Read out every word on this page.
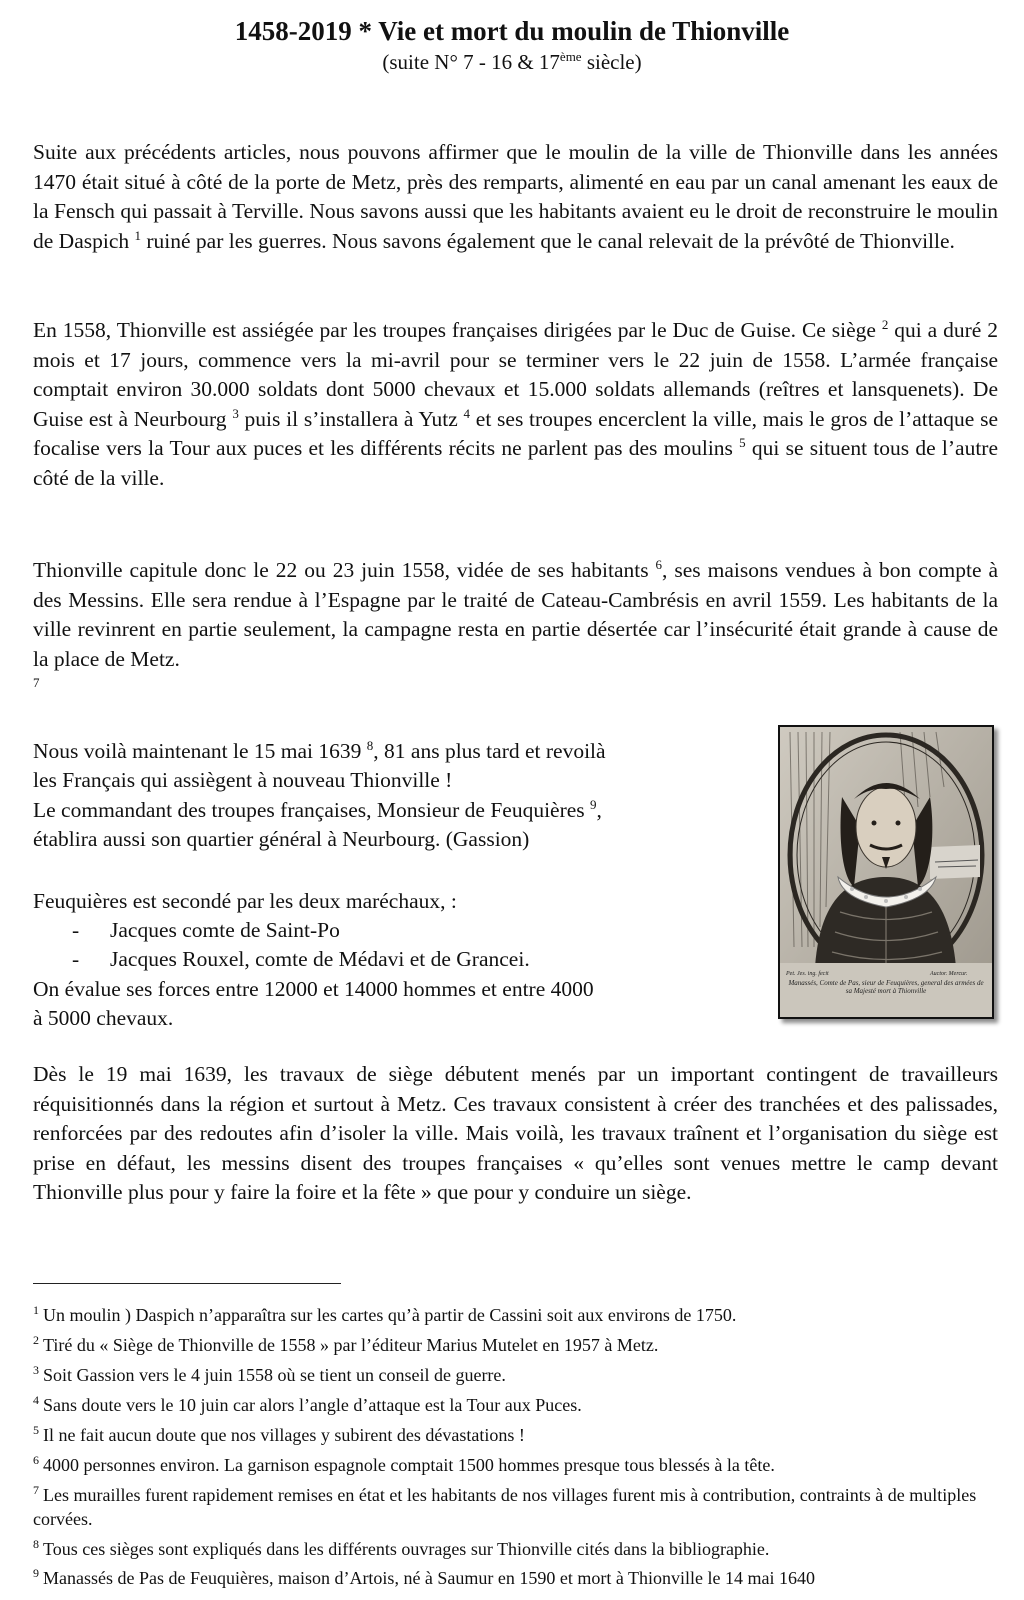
1458-2019 * Vie et mort du moulin de Thionville
(suite N° 7 - 16 & 17ème siècle)

Suite aux précédents articles, nous pouvons affirmer que le moulin de la ville de Thionville dans les années 1470 était situé à côté de la porte de Metz, près des remparts, alimenté en eau par un canal amenant les eaux de la Fensch qui passait à Terville. Nous savons aussi que les habitants avaient eu le droit de reconstruire le moulin de Daspich $^1$ ruiné par les guerres. Nous savons également que le canal relevait de la prévôté de Thionville.

En 1558, Thionville est assiégée par les troupes françaises dirigées par le Duc de Guise. Ce siège $^2$ qui a duré 2 mois et 17 jours, commence vers la mi-avril pour se terminer vers le 22 juin de 1558. L’armée française comptait environ 30.000 soldats dont 5000 chevaux et 15.000 soldats allemands (reîtres et lansquenets). De Guise est à Neurbourg $^3$ puis il s’installera à Yutz $^4$ et ses troupes encerclent la ville, mais le gros de l’attaque se focalise vers la Tour aux puces et les différents récits ne parlent pas des moulins $^5$ qui se situent tous de l’autre côté de la ville.

Thionville capitule donc le 22 ou 23 juin 1558, vidée de ses habitants $^6$, ses maisons vendues à bon compte à des Messins. Elle sera rendue à l’Espagne par le traité de Cateau-Cambrésis en avril 1559. Les habitants de la ville revinrent en partie seulement, la campagne resta en partie désertée car l’insécurité était grande à cause de la place de Metz.
$^7$

Nous voilà maintenant le 15 mai 1639 $^8$, 81 ans plus tard et revoilà
les Français qui assiègent à nouveau Thionville !
Le commandant des troupes françaises, Monsieur de Feuquières $^9$,
établira aussi son quartier général à Neurbourg. (Gassion)
Feuquières est secondé par les deux maréchaux, :
- Jacques comte de Saint-Po
- Jacques Rouxel, comte de Médavi et de Grancei.
On évalue ses forces entre 12000 et 14000 hommes et entre 4000
à 5000 chevaux.
Pet. Jes. ing. fecit	Auctor. Mercur.
Manassés, Comte de Pas, sieur de Feuquières, general des armées de sa Majesté mort à Thionville

Dès le 19 mai 1639, les travaux de siège débutent menés par un important contingent de travailleurs réquisitionnés dans la région et surtout à Metz. Ces travaux consistent à créer des tranchées et des palissades, renforcées par des redoutes afin d’isoler la ville. Mais voilà, les travaux traînent et l’organisation du siège est prise en défaut, les messins disent des troupes françaises « qu’elles sont venues mettre le camp devant Thionville plus pour y faire la foire et la fête » que pour y conduire un siège.

$^1$ Un moulin ) Daspich n’apparaîtra sur les cartes qu’à partir de Cassini soit aux environs de 1750.

$^2$ Tiré du « Siège de Thionville de 1558 » par l’éditeur Marius Mutelet en 1957 à Metz.

$^3$ Soit Gassion vers le 4 juin 1558 où se tient un conseil de guerre.

$^4$ Sans doute vers le 10 juin car alors l’angle d’attaque est la Tour aux Puces.

$^5$ Il ne fait aucun doute que nos villages y subirent des dévastations !

$^6$ 4000 personnes environ. La garnison espagnole comptait 1500 hommes presque tous blessés à la tête.

$^7$ Les murailles furent rapidement remises en état et les habitants de nos villages furent mis à contribution, contraints à de multiples corvées.

$^8$ Tous ces sièges sont expliqués dans les différents ouvrages sur Thionville cités dans la bibliographie.

$^9$ Manassés de Pas de Feuquières, maison d’Artois, né à Saumur en 1590 et mort à Thionville le 14 mai 1640
